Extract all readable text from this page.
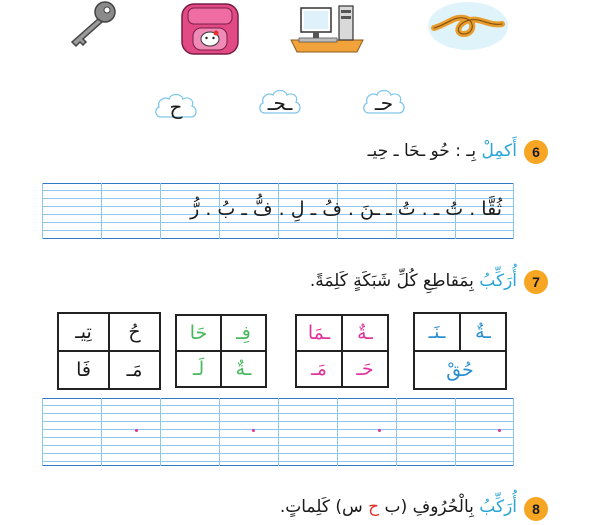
ح	ـحـ	حـ
6
أَكمِلْ بِـ : حُو ـحَا ـ حِيـ
ثُقَّا . تُ ـ . تُ ـ ـنَ . فُ ـ لِ . فُّ ـ بُ . رُّ
7
أُرَكِّبُ بِمَقاطِعِ كُلِّ شَبَكَةٍ كَلِمَةً.
تِيـ	حُ
فَا	مَـ
حَا	فِـ
لَـ	ـةٌ
ـمَا	ـةٌ
مَـ	حَـ
ـنَـ	ـةٌ
حُقْ
8
أُرَكِّبُ بِالْحُرُوفِ (ب ح س) كَلِماتٍ.
